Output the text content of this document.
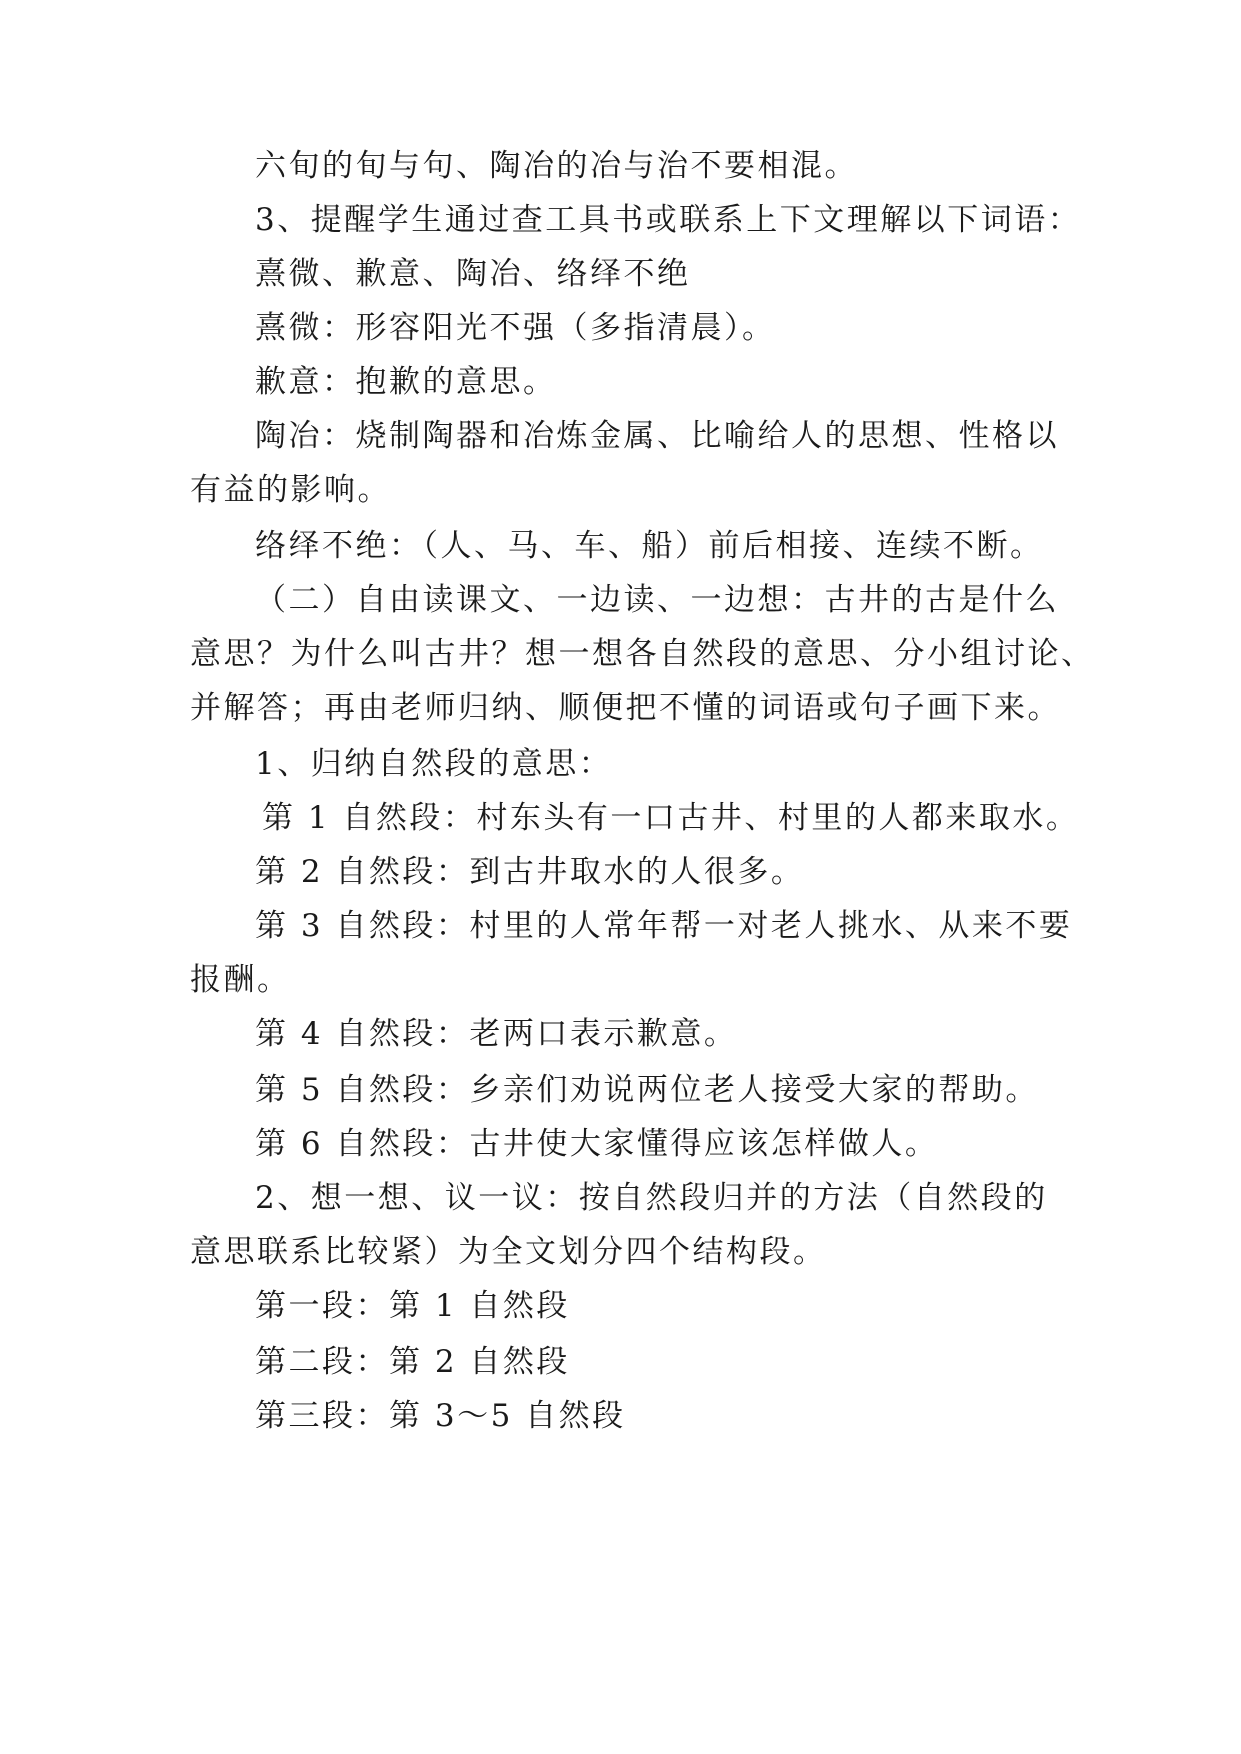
六旬的旬与句、陶冶的冶与治不要相混。
3、提醒学生通过查工具书或联系上下文理解以下词语：
熹微、歉意、陶冶、络绎不绝
熹微：形容阳光不强（多指清晨）。
歉意：抱歉的意思。
陶冶：烧制陶器和冶炼金属、比喻给人的思想、性格以
有益的影响。
络绎不绝：（人、马、车、船）前后相接、连续不断。
（二）自由读课文、一边读、一边想：古井的古是什么
意思？为什么叫古井？想一想各自然段的意思、分小组讨论、
并解答；再由老师归纳、顺便把不懂的词语或句子画下来。
1、归纳自然段的意思：
第 1 自然段：村东头有一口古井、村里的人都来取水。
第 2 自然段：到古井取水的人很多。
第 3 自然段：村里的人常年帮一对老人挑水、从来不要
报酬。
第 4 自然段：老两口表示歉意。
第 5 自然段：乡亲们劝说两位老人接受大家的帮助。
第 6 自然段：古井使大家懂得应该怎样做人。
2、想一想、议一议：按自然段归并的方法（自然段的
意思联系比较紧）为全文划分四个结构段。
第一段：第 1 自然段
第二段：第 2 自然段
第三段：第 3～5 自然段
